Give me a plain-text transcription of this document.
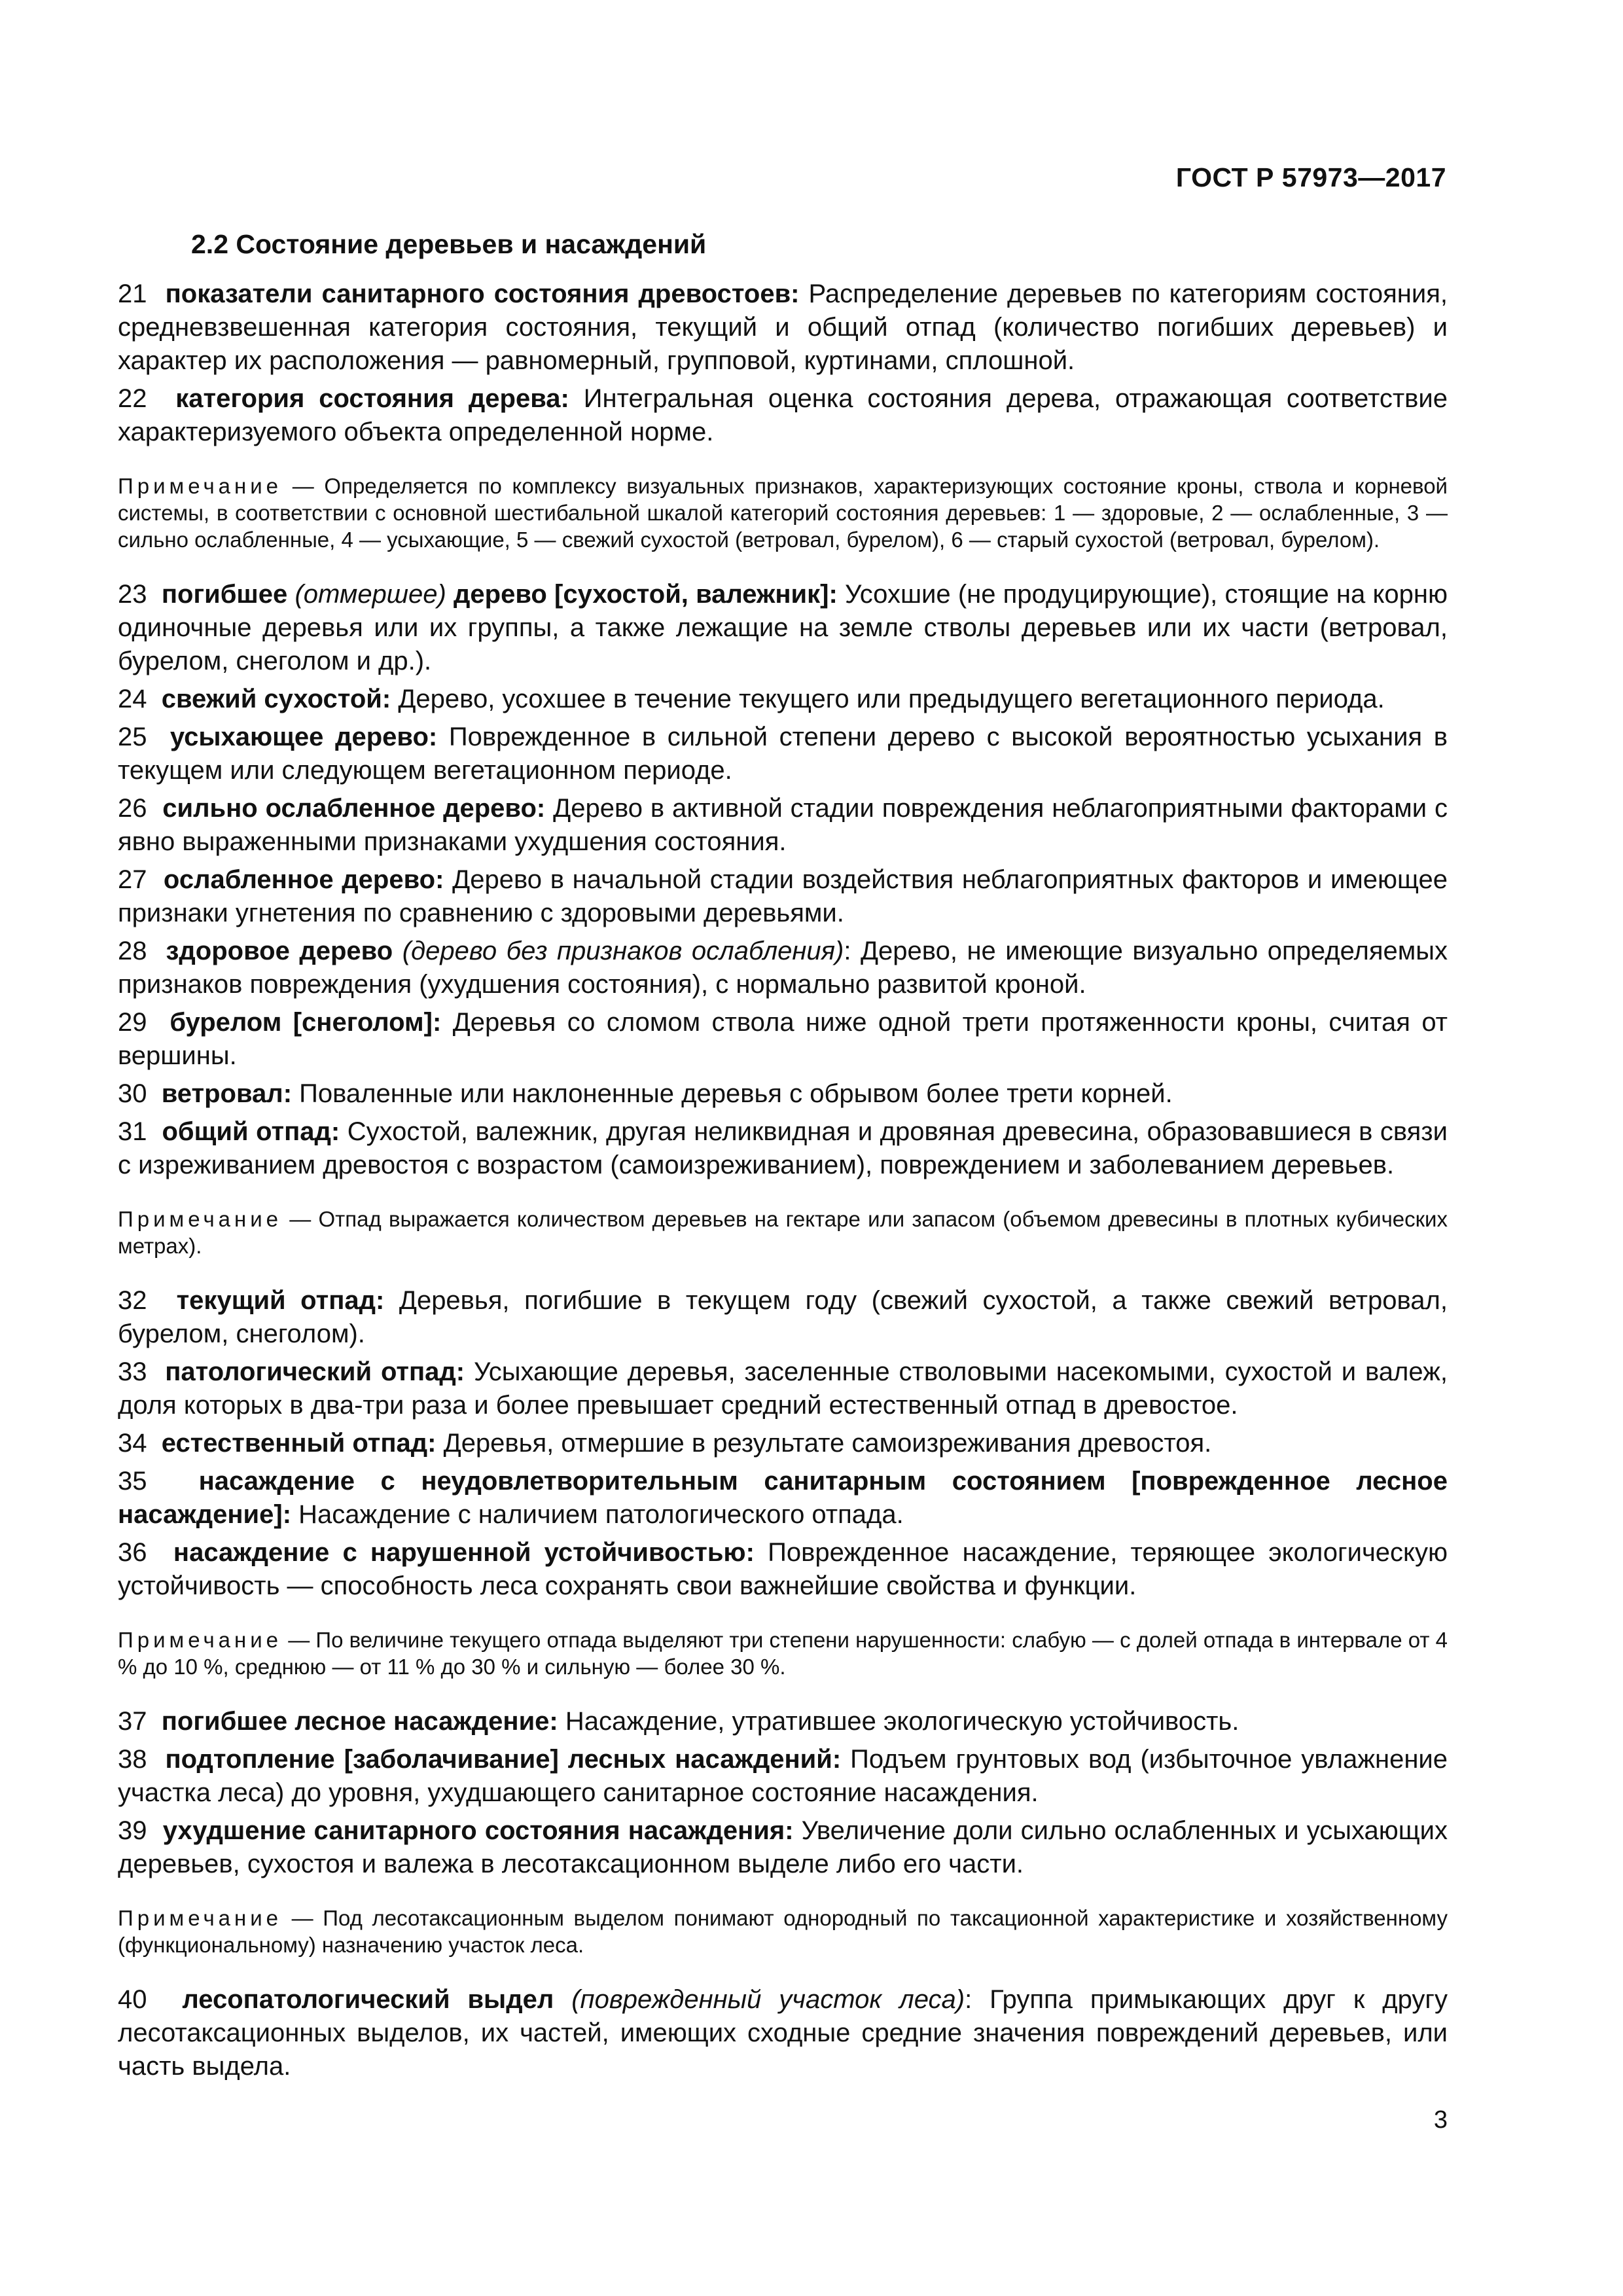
ГОСТ Р 57973—2017
2.2 Состояние деревьев и насаждений

21 показатели санитарного состояния древостоев: Распределение деревьев по категориям состояния, средневзвешенная категория состояния, текущий и общий отпад (количество погибших деревьев) и характер их расположения — равномерный, групповой, куртинами, сплошной.

22 категория состояния дерева: Интегральная оценка состояния дерева, отражающая соответствие характеризуемого объекта определенной норме.

Примечание — Определяется по комплексу визуальных признаков, характеризующих состояние кроны, ствола и корневой системы, в соответствии с основной шестибальной шкалой категорий состояния деревьев: 1 — здоровые, 2 — ослабленные, 3 — сильно ослабленные, 4 — усыхающие, 5 — свежий сухостой (ветровал, бурелом), 6 — старый сухостой (ветровал, бурелом).

23 погибшее (отмершее) дерево [сухостой, валежник]: Усохшие (не продуцирующие), стоящие на корню одиночные деревья или их группы, а также лежащие на земле стволы деревьев или их части (ветровал, бурелом, снеголом и др.).

24 свежий сухостой: Дерево, усохшее в течение текущего или предыдущего вегетационного периода.

25 усыхающее дерево: Поврежденное в сильной степени дерево с высокой вероятностью усыхания в текущем или следующем вегетационном периоде.

26 сильно ослабленное дерево: Дерево в активной стадии повреждения неблагоприятными факторами с явно выраженными признаками ухудшения состояния.

27 ослабленное дерево: Дерево в начальной стадии воздействия неблагоприятных факторов и имеющее признаки угнетения по сравнению с здоровыми деревьями.

28 здоровое дерево (дерево без признаков ослабления): Дерево, не имеющие визуально определяемых признаков повреждения (ухудшения состояния), с нормально развитой кроной.

29 бурелом [снеголом]: Деревья со сломом ствола ниже одной трети протяженности кроны, считая от вершины.

30 ветровал: Поваленные или наклоненные деревья с обрывом более трети корней.

31 общий отпад: Сухостой, валежник, другая неликвидная и дровяная древесина, образовавшиеся в связи с изреживанием древостоя с возрастом (самоизреживанием), повреждением и заболеванием деревьев.

Примечание — Отпад выражается количеством деревьев на гектаре или запасом (объемом древесины в плотных кубических метрах).

32 текущий отпад: Деревья, погибшие в текущем году (свежий сухостой, а также свежий ветровал, бурелом, снеголом).

33 патологический отпад: Усыхающие деревья, заселенные стволовыми насекомыми, сухостой и валеж, доля которых в два-три раза и более превышает средний естественный отпад в древостое.

34 естественный отпад: Деревья, отмершие в результате самоизреживания древостоя.

35 насаждение с неудовлетворительным санитарным состоянием [поврежденное лесное насаждение]: Насаждение с наличием патологического отпада.

36 насаждение с нарушенной устойчивостью: Поврежденное насаждение, теряющее экологическую устойчивость — способность леса сохранять свои важнейшие свойства и функции.

Примечание — По величине текущего отпада выделяют три степени нарушенности: слабую — с долей отпада в интервале от 4 % до 10 %, среднюю — от 11 % до 30 % и сильную — более 30 %.

37 погибшее лесное насаждение: Насаждение, утратившее экологическую устойчивость.

38 подтопление [заболачивание] лесных насаждений: Подъем грунтовых вод (избыточное увлажнение участка леса) до уровня, ухудшающего санитарное состояние насаждения.

39 ухудшение санитарного состояния насаждения: Увеличение доли сильно ослабленных и усыхающих деревьев, сухостоя и валежа в лесотаксационном выделе либо его части.

Примечание — Под лесотаксационным выделом понимают однородный по таксационной характеристике и хозяйственному (функциональному) назначению участок леса.

40 лесопатологический выдел (поврежденный участок леса): Группа примыкающих друг к другу лесотаксационных выделов, их частей, имеющих сходные средние значения повреждений деревьев, или часть выдела.

3
